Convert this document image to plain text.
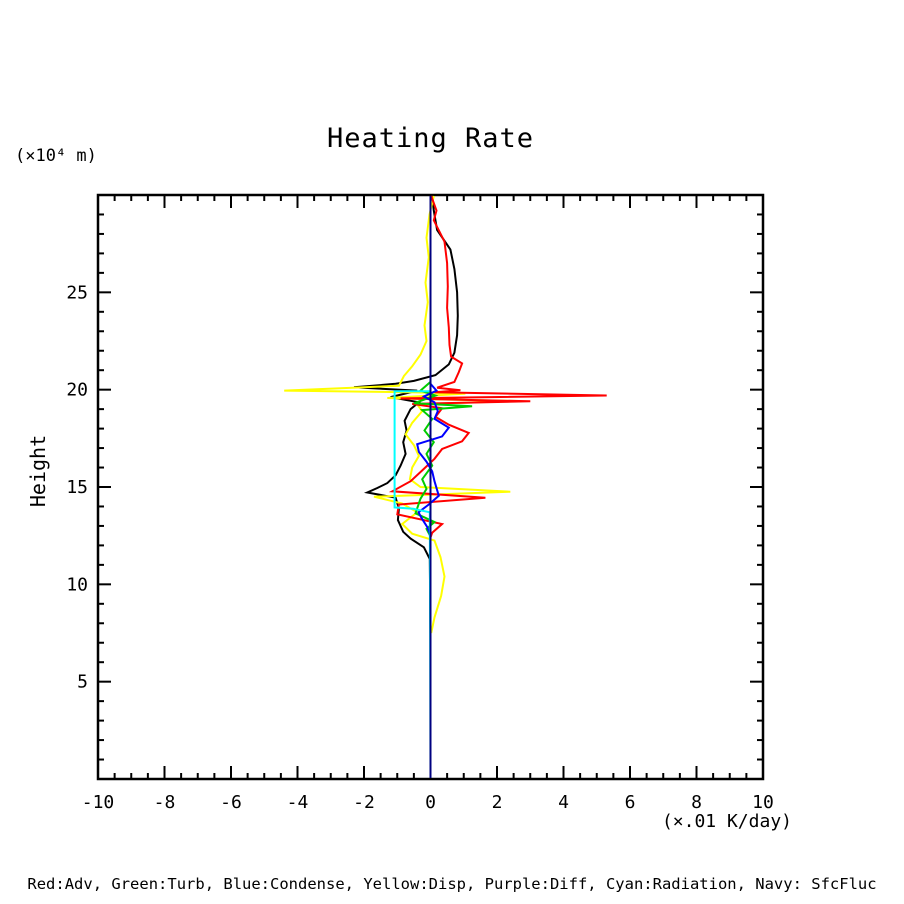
-10 -8 -6 -4 -2	0	2	4	6	8	10
5
10
15
20
25
Heating Rate
(×10⁴ m)
Height
(×.01 K/day)
Red:Adv, Green:Turb, Blue:Condense, Yellow:Disp, Purple:Diff, Cyan:Radiation, Navy: SfcFluc
